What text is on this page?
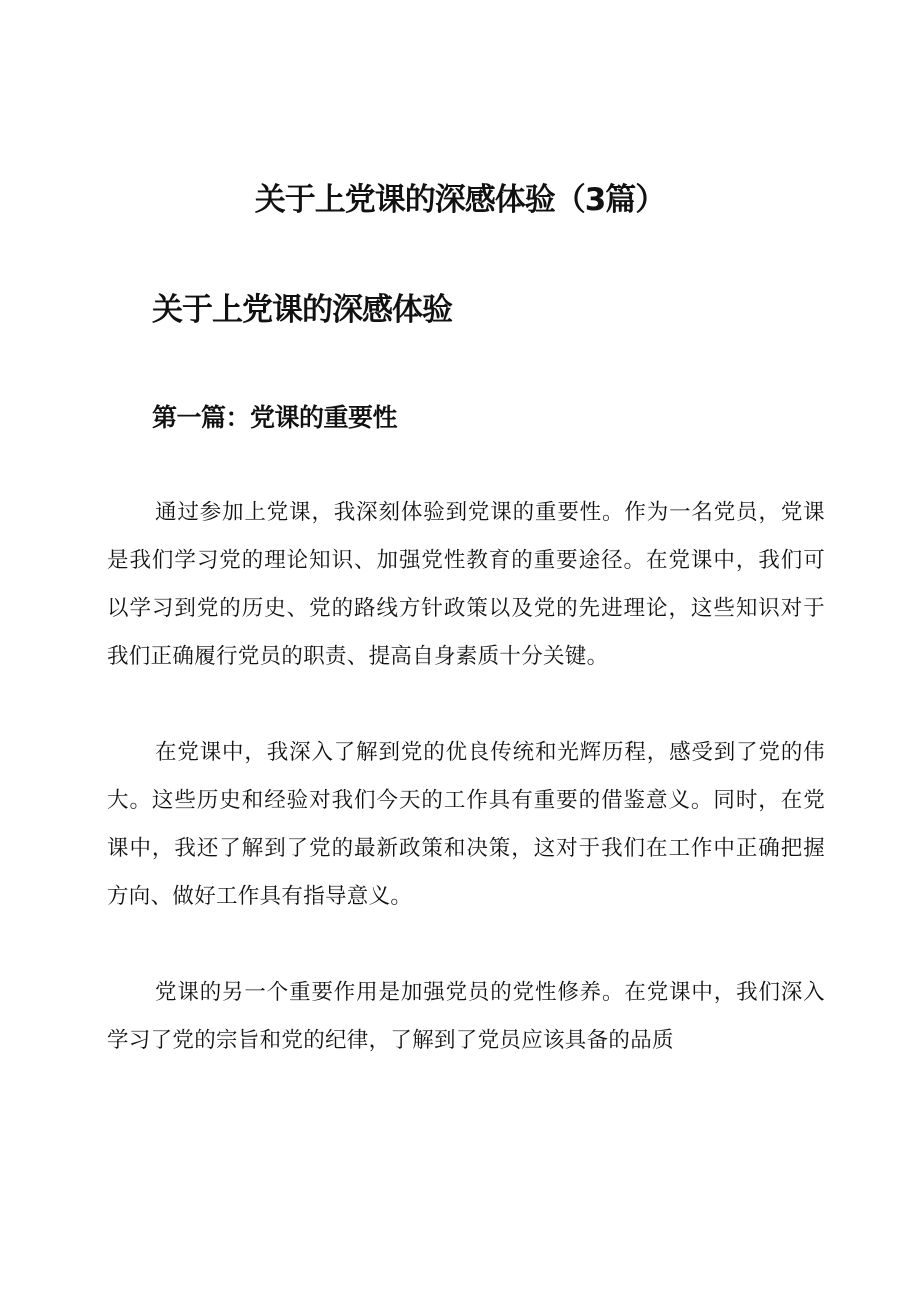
关于上党课的深感体验（3篇）
关于上党课的深感体验
第一篇：党课的重要性

通过参加上党课，我深刻体验到党课的重要性。作为一名党员，党课是我们学习党的理论知识、加强党性教育的重要途径。在党课中，我们可以学习到党的历史、党的路线方针政策以及党的先进理论，这些知识对于我们正确履行党员的职责、提高自身素质十分关键。

在党课中，我深入了解到党的优良传统和光辉历程，感受到了党的伟大。这些历史和经验对我们今天的工作具有重要的借鉴意义。同时，在党课中，我还了解到了党的最新政策和决策，这对于我们在工作中正确把握方向、做好工作具有指导意义。

党课的另一个重要作用是加强党员的党性修养。在党课中，我们深入学习了党的宗旨和党的纪律，了解到了党员应该具备的品质
